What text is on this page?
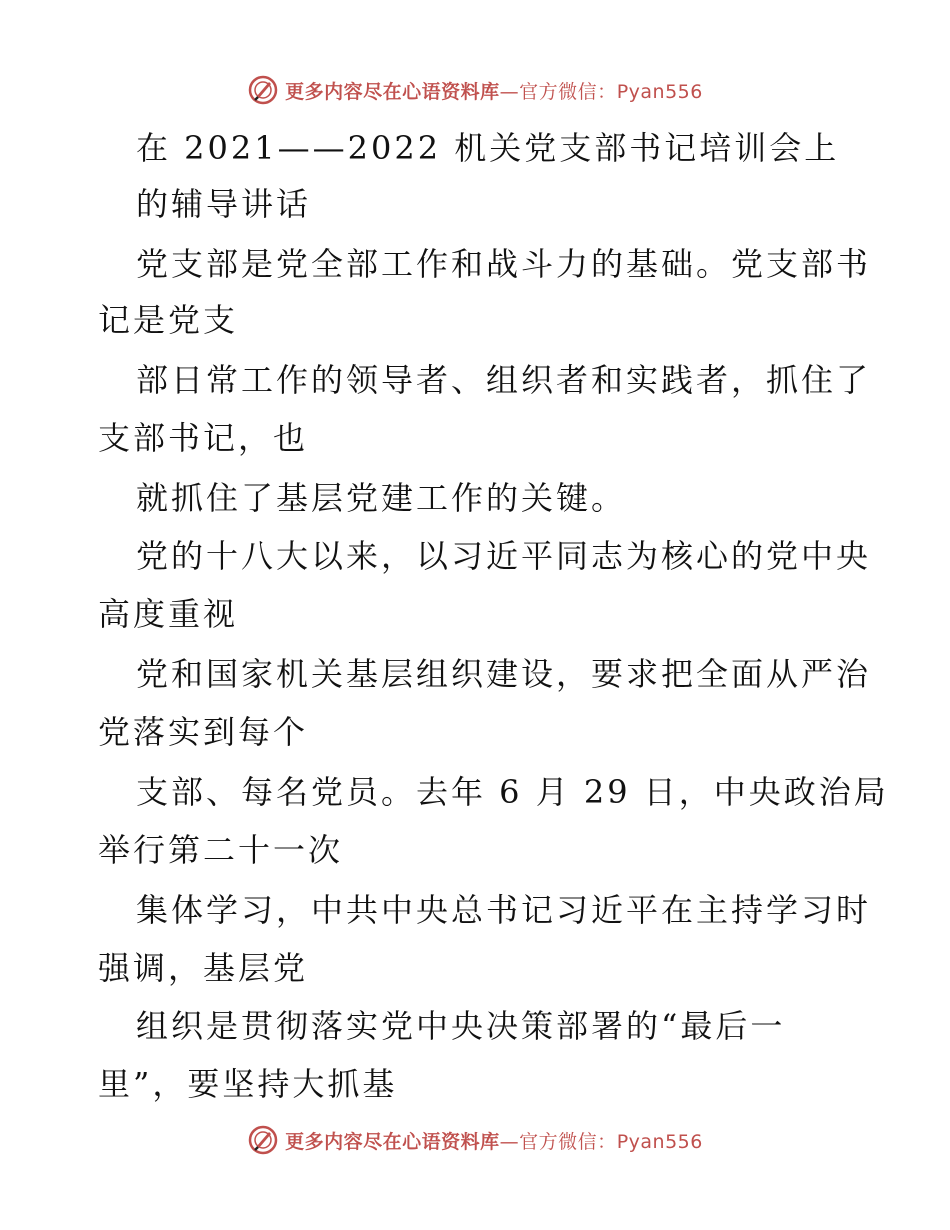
更多内容尽在心语资料库—官方微信：Pyan556
在 2021——2022 机关党支部书记培训会上
的辅导讲话
党支部是党全部工作和战斗力的基础。党支部书
记是党支
部日常工作的领导者、组织者和实践者，抓住了
支部书记，也
就抓住了基层党建工作的关键。
党的十八大以来，以习近平同志为核心的党中央
高度重视
党和国家机关基层组织建设，要求把全面从严治
党落实到每个
支部、每名党员。去年 6 月 29 日，中央政治局
举行第二十一次
集体学习，中共中央总书记习近平在主持学习时
强调，基层党
组织是贯彻落实党中央决策部署的“最后一
里”，要坚持大抓基
更多内容尽在心语资料库—官方微信：Pyan556
